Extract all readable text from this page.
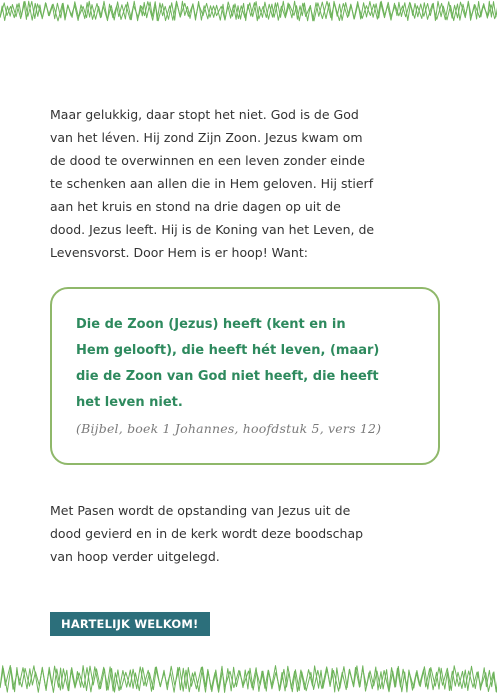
Maar gelukkig, daar stopt het niet. God is de God
van het léven. Hij zond Zijn Zoon. Jezus kwam om
de dood te overwinnen en een leven zonder einde
te schenken aan allen die in Hem geloven. Hij stierf
aan het kruis en stond na drie dagen op uit de
dood. Jezus leeft. Hij is de Koning van het Leven, de
Levensvorst. Door Hem is er hoop! Want:

Die de Zoon (Jezus) heeft (kent en in
Hem gelooft), die heeft hét leven, (maar)
die de Zoon van God niet heeft, die heeft
het leven niet.

(Bijbel, boek 1 Johannes, hoofdstuk 5, vers 12)

Met Pasen wordt de opstanding van Jezus uit de
dood gevierd en in de kerk wordt deze boodschap
van hoop verder uitgelegd.

HARTELIJK WELKOM!
